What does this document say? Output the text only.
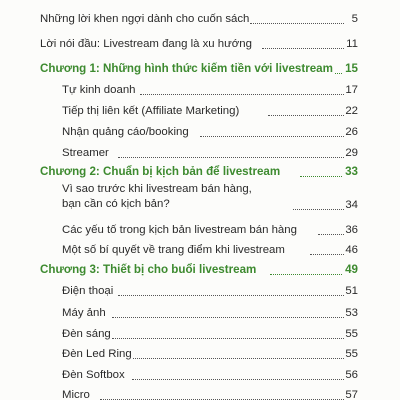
Những lời khen ngợi dành cho cuốn sách	5
Lời nói đầu: Livestream đang là xu hướng	11
Chương 1: Những hình thức kiếm tiền với livestream 15
Tự kinh doanh	17
Tiếp thị liên kết (Affiliate Marketing)	22
Nhận quảng cáo/booking	26
Streamer	29
Chương 2: Chuẩn bị kịch bản để livestream	33
Vì sao trước khi livestream bán hàng,
bạn cần có kịch bản?	34
Các yếu tố trong kịch bản livestream bán hàng	36
Một số bí quyết về trang điểm khi livestream	46
Chương 3: Thiết bị cho buổi livestream	49
Điện thoại	51
Máy ảnh	53
Đèn sáng	55
Đèn Led Ring	55
Đèn Softbox	56
Micro	57
